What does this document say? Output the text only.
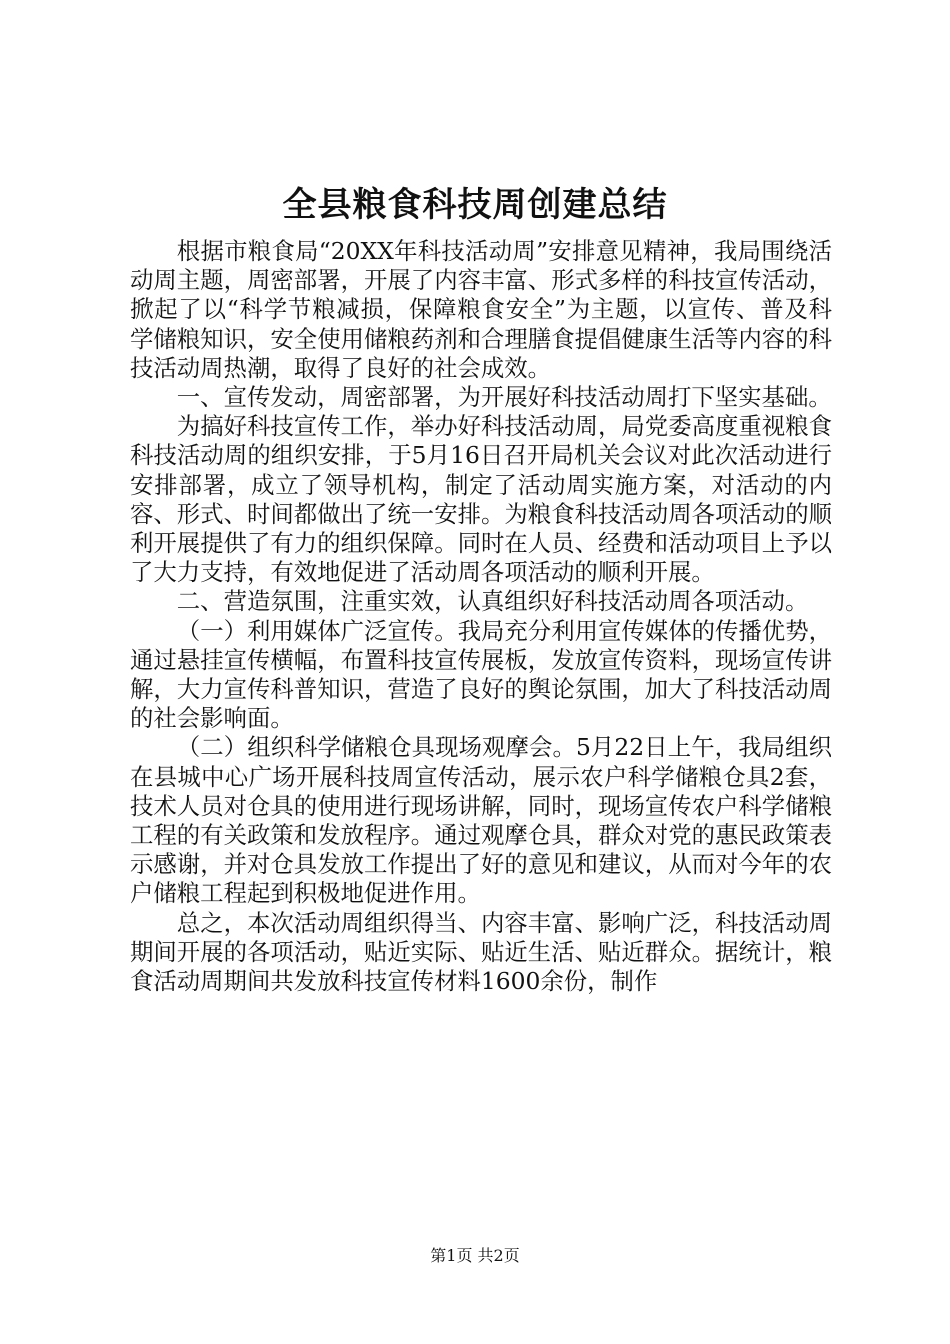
全县粮食科技周创建总结

根据市粮食局“20XX年科技活动周”安排意见精神，我局围绕活动周主题，周密部署，开展了内容丰富、形式多样的科技宣传活动，掀起了以“科学节粮减损，保障粮食安全”为主题，以宣传、普及科学储粮知识，安全使用储粮药剂和合理膳食提倡健康生活等内容的科技活动周热潮，取得了良好的社会成效。

一、宣传发动，周密部署，为开展好科技活动周打下坚实基础。

为搞好科技宣传工作，举办好科技活动周，局党委高度重视粮食科技活动周的组织安排，于5月16日召开局机关会议对此次活动进行安排部署，成立了领导机构，制定了活动周实施方案，对活动的内容、形式、时间都做出了统一安排。为粮食科技活动周各项活动的顺利开展提供了有力的组织保障。同时在人员、经费和活动项目上予以了大力支持，有效地促进了活动周各项活动的顺利开展。

二、营造氛围，注重实效，认真组织好科技活动周各项活动。

（一）利用媒体广泛宣传。我局充分利用宣传媒体的传播优势，通过悬挂宣传横幅，布置科技宣传展板，发放宣传资料，现场宣传讲解，大力宣传科普知识，营造了良好的舆论氛围，加大了科技活动周的社会影响面。

（二）组织科学储粮仓具现场观摩会。5月22日上午，我局组织在县城中心广场开展科技周宣传活动，展示农户科学储粮仓具2套，技术人员对仓具的使用进行现场讲解，同时，现场宣传农户科学储粮工程的有关政策和发放程序。通过观摩仓具，群众对党的惠民政策表示感谢，并对仓具发放工作提出了好的意见和建议，从而对今年的农户储粮工程起到积极地促进作用。

总之，本次活动周组织得当、内容丰富、影响广泛，科技活动周期间开展的各项活动，贴近实际、贴近生活、贴近群众。据统计，粮食活动周期间共发放科技宣传材料1600余份，制作

第1页 共2页
